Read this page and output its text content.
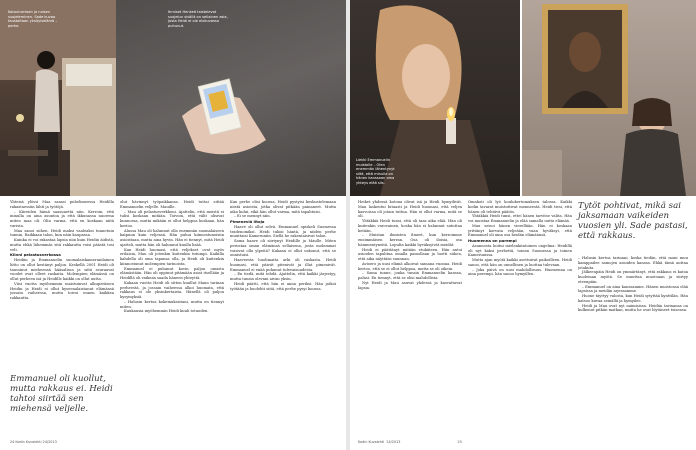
Kotoutumisen ja naisen suojeleminen. Sade kuvaa taustaltaan yksityiselämä – perhe.
Ihmiset Henkeä taistelevat suojelun sisällä on sellainen asia, josta Heidi ei ole elokuvassa puhunut.

Yhteisä ylössi Maa saassi puhelimeessa Heidilla rakastaessiin lähti ja työtöjä.

– Kiireiden hämä saasunettä niin. Kerroin, että minulla on aina asuntoa ja että ikkunassa nuorena miten maa oli. Olin varma, että en koskaan niitä varista.

Maa sanoi siihen. Heidi maksi vaaleaksi tunnetuin tunnin. Raikkaan talon, kun näin kaupassa.

Kuinka ei voi rakastaa lapsia niin kuin Heidin äidistä, mutta ehkä lähemmäs sitä rakkautta voisi päästä tosi veli.

Kiinni pelastusverkossa

Heidiin ja Emmanuelin suomalaiskamerunilainen liitto on ollut kestänyt paljon. Keskellä 2001 Heidi oli tanssinut mieheensä hääsalissa ja siitä seuraavat vuodet ovat olleet raskaita. Molempien elämässä on ollut perheen isä ja Heidille kaikki on ollut uutta.

Viisi vuotta myöhemmin maistuinvat alkuperäisen Heidin ja Heidi ei ollut kyseenalaistanut elämänsä jossain vaiheessa, mutta toivoi ennen kaikkea rakkautta.

olut hävinnyt työpaikkansa. Heidi tuttai sittää Emmanuelin veljelle. Mauille.

– Mau oli pelastusverkkoni. Ajattelin, että meistä ei tulisi koskaan mitään. Toivoin, että välit olisivat kunnossa, mutta mikään ei ollut helppoa koskaan, hän kertoo.

Alussa Mau oli halunnut olla enemmän suomalaiseen kaipuun kuin veljensä. Hän puhui kiinnostuneisiin asioistaan, mutta aina hyvin. Hän ei tiennyt, mitä Heidi ajatteli, mutta hän oli halunnut kuulla lisää.

Kun Heidi huomasi, että veljekset ovat myös erilaisia, Mau oli jotenkin kuitenkin tutumpi. Kaikilla kahdella oli oma tapansa olla, ja Heidi oli kuitenkin kiinnostunut molempien tarinoista.

Emmanuel ei puhunut kovin paljon omasta elämästään. Hän oli oppinut pitämään asiat itsellään ja Heidillä oli vaikeaa saada häneen yhteyttä.

Kukaan vuotta Heidi oli sitten kuullut Maun tarinan perheestä, ja jossain vaiheessa alkoi huomata, että rakkaus ei ole yksinkertaista. Hänellä oli paljon kysymyksiä.

– Halusin kertoa kokemuksistani, mutta en tiennyt miten.

Kuukausia myöhemmin Heidi kuuli totuuden.

Kun perhe olisi koossa, Heidi pystyisi keskustelemaan niistä asioista, jotka olivat pitkään painaneet. Mutta aika kului, eikä hän ollut varma, mitä tapahtuisi.

– Ei se mennyt niin.

Pimeneviä iltoja

Haave oli ollut selvä. Emmanuel opiskeli Suomessa tradenomiksi. Heidi tukisi häntä, ja niiden perhe muuttaisi Kameruniin. Siellä he rakentaisivat talon.

Sama haave oli siirtynyt Heidille ja Maulle. Miten perustaa oman elämänsä sellaisena, josta molemmat voisivat olla ylpeitä? Kukaan ei ollut uskonut, että se onnistuisi.

Haaveesta huolimatta arki oli raskasta. Heidi huomasi, että päivät pitenivät ja illat pimenivät. Emmanuel ei enää puhunut tulevaisuudesta.

– En tiedä, mitä tehdä. Ajattelin, että kaikki järjestyy, mutta tunsin olevani aivan yksin.

Heidi päätti, että hän ei anna periksi. Hän jatkoi työtään ja huolehti siitä, että perhe pysyi koossa.

Emmanuel oli kuollut, mutta rakkaus ei. Heidi tahtoi siirtää sen miehensä veljelle.
24 Kodin Kuvalehti 24/2013
Liekki Emmanuelin muistolle – Olen enemmän lähentynyt siitä, että minulla on hänen kanssaan oma yhteys elää siis.

Heiket yhdessä kotona olivat isä ja Heidi hymyilivät. Mau laskeutui hitaasti ja Heidi huomasi, että veljen kasvoissa oli jotain tuttua. Hän ei ollut varma, mitä se oli.

Yhtäkkiä Heidi tunsi, että oli taas aika elää. Hän oli kuitenkin varovainen, koska hän ei halunnut satuttaa ketään.

– Muistan ihmisten ilmeet, kun kerroimme ensimmäisen kerran. Osa oli iloisia, osa hämmentyneitä. Lopulta kaikki hyväksyivät meidät.

Heidi ei päättänyt mitään etukäteen. Hän antoi asioiden tapahtua omalla painollaan ja luotti siihen, että aika näyttäisi suunnan.

Avioero ja uusi elämä alkoivat samana vuonna. Heidi kertoo, että se ei ollut helppoa, mutta se oli oikein.

– Sama tunne, jonka tunsin Emmanuelin kanssa, palasi. En tiennyt, että se olisi mahdollista.

Nyt Heidi ja Mau asuvat yhdessä ja kasvattavat lapsia.

Omakoti oli lyö koulukertomuksen talossa. Kaikki kodin tavarat muistuttivat menneestä. Heidi tiesi, että hänen oli tehtävä päätös.

Yhtäkkiä Heidi tunsi, ettei hänen tarvitse valita. Hän voi muistaa Emmanuelin ja elää samalla uutta elämää.

Mau seisoi hänen vierellään. Hän ei koskaan yrittänyt korvata veljeään, vaan hyväksyi, että Emmanuel oli aina osa heidän elämäänsä.

Huomenna on parempi

Asunnosta koitui mielenkiintoinen ongelma: Heidillä oli nyt kaksi perhettä, toinen Suomessa ja toinen Kamerunissa.

Mutta ajan myötä kaikki asettuivat paikoilleen. Heidi sanoo, että hän on onnellinen ja luottaa tulevaan.

– Joka päivä on uusi mahdollisuus. Huomenna on aina parempi, hän sanoo hymyillen.

Tytöt pohtivat, mikä sai jaksamaan vaikeiden vuosien yli. Sade pastasi, että rakkaus.

– Halusin kertoa tarinani, koska tiedän, että moni muu kamppailee samojen asioiden kanssa. Ehkä tämä auttaa jotakuta.

Jälkeenpäin Heidi on ymmärtänyt, että rakkaus ei katoa kuoleman myötä. Se muuttaa muotoaan ja siirtyy eteenpäin.

– Emmanuel on aina kanssamme. Hänen muistonsa elää lapsissa ja meidän arjessamme.

Huone täyttyy valosta, kun Heidi sytyttää kynttilän. Hän katsoo kuvaa seinällä ja hymyilee.

Heidi ja Mau ovat nyt naimisissa. Heidän tarinansa on kulkenut pitkän matkan, mutta he ovat löytäneet toisensa.

Kodin Kuvalehti  24/2013                                                     25
